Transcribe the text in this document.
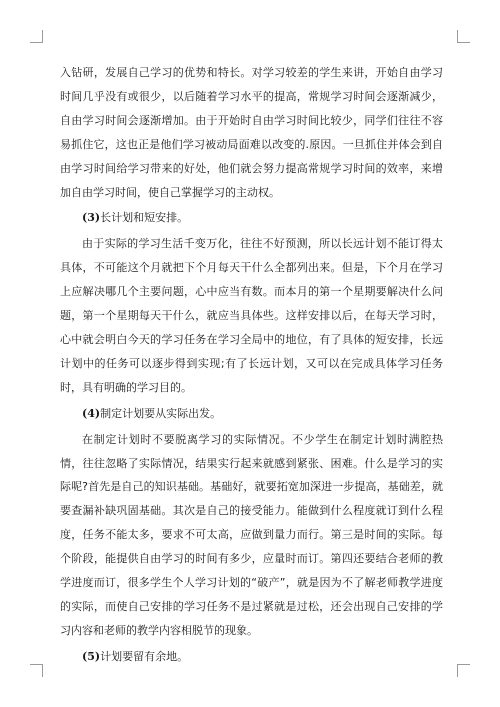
入钻研，发展自己学习的优势和特长。对学习较差的学生来讲，开始自由学习时间几乎没有或很少，以后随着学习水平的提高，常规学习时间会逐渐减少，自由学习时间会逐渐增加。由于开始时自由学习时间比较少，同学们往往不容易抓住它，这也正是他们学习被动局面难以改变的.原因。一旦抓住并体会到自由学习时间给学习带来的好处，他们就会努力提高常规学习时间的效率，来增加自由学习时间，使自己掌握学习的主动权。

(3)长计划和短安排。

由于实际的学习生活千变万化，往往不好预测，所以长远计划不能订得太具体，不可能这个月就把下个月每天干什么全都列出来。但是，下个月在学习上应解决哪几个主要问题，心中应当有数。而本月的第一个星期要解决什么问题，第一个星期每天干什么，就应当具体些。这样安排以后，在每天学习时，心中就会明白今天的学习任务在学习全局中的地位，有了具体的短安排，长远计划中的任务可以逐步得到实现;有了长远计划，又可以在完成具体学习任务时，具有明确的学习目的。

(4)制定计划要从实际出发。

在制定计划时不要脱离学习的实际情况。不少学生在制定计划时满腔热情，往往忽略了实际情况，结果实行起来就感到紧张、困难。什么是学习的实际呢?首先是自己的知识基础。基础好，就要拓宽加深进一步提高，基础差，就要查漏补缺巩固基础。其次是自己的接受能力。能做到什么程度就订到什么程度，任务不能太多，要求不可太高，应做到量力而行。第三是时间的实际。每个阶段，能提供自由学习的时间有多少，应量时而订。第四还要结合老师的教学进度而订，很多学生个人学习计划的“破产”，就是因为不了解老师教学进度的实际，而使自己安排的学习任务不是过紧就是过松，还会出现自己安排的学习内容和老师的教学内容相脱节的现象。

(5)计划要留有余地。
